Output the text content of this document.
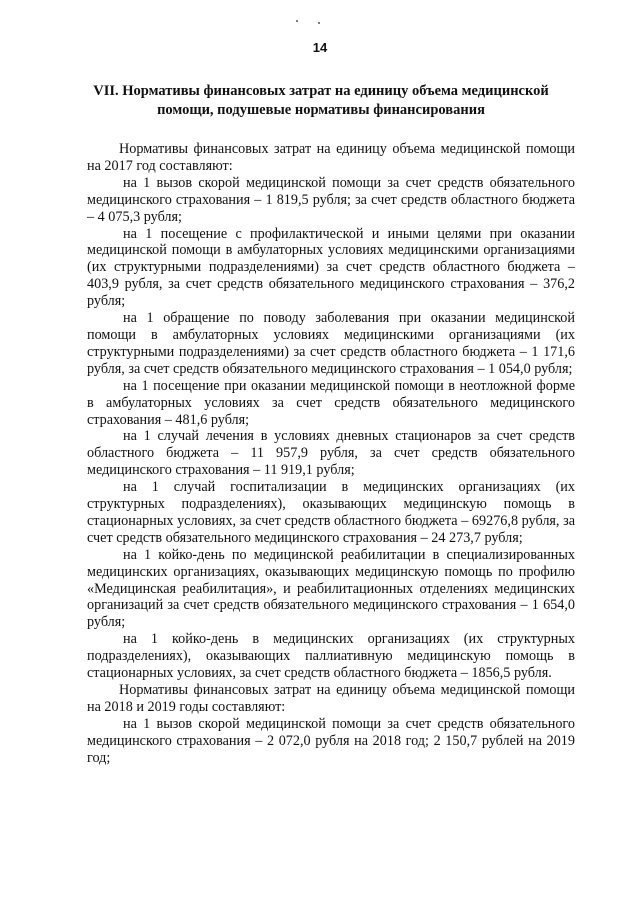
14
VII. Нормативы финансовых затрат на единицу объема медицинской
помощи, подушевые нормативы финансирования

Нормативы финансовых затрат на единицу объема медицинской помощи на 2017 год составляют:

на 1 вызов скорой медицинской помощи за счет средств обязательного медицинского страхования – 1 819,5 рубля; за счет средств областного бюджета – 4 075,3 рубля;

на 1 посещение с профилактической и иными целями при оказании медицинской помощи в амбулаторных условиях медицинскими организациями (их структурными подразделениями) за счет средств областного бюджета – 403,9 рубля, за счет средств обязательного медицинского страхования – 376,2 рубля;

на 1 обращение по поводу заболевания при оказании медицинской помощи в амбулаторных условиях медицинскими организациями (их структурными подразделениями) за счет средств областного бюджета – 1 171,6 рубля, за счет средств обязательного медицинского страхования – 1 054,0 рубля;

на 1 посещение при оказании медицинской помощи в неотложной форме в амбулаторных условиях за счет средств обязательного медицинского страхования – 481,6 рубля;

на 1 случай лечения в условиях дневных стационаров за счет средств областного бюджета – 11 957,9 рубля, за счет средств обязательного медицинского страхования – 11 919,1 рубля;

на 1 случай госпитализации в медицинских организациях (их структурных подразделениях), оказывающих медицинскую помощь в стационарных условиях, за счет средств областного бюджета – 69276,8 рубля, за счет средств обязательного медицинского страхования – 24 273,7 рубля;

на 1 койко-день по медицинской реабилитации в специализированных медицинских организациях, оказывающих медицинскую помощь по профилю «Медицинская реабилитация», и реабилитационных отделениях медицинских организаций за счет средств обязательного медицинского страхования – 1 654,0 рубля;

на 1 койко-день в медицинских организациях (их структурных подразделениях), оказывающих паллиативную медицинскую помощь в стационарных условиях, за счет средств областного бюджета – 1856,5 рубля.

Нормативы финансовых затрат на единицу объема медицинской помощи на 2018 и 2019 годы составляют:

на 1 вызов скорой медицинской помощи за счет средств обязательного медицинского страхования – 2 072,0 рубля на 2018 год; 2 150,7 рублей на 2019 год;
